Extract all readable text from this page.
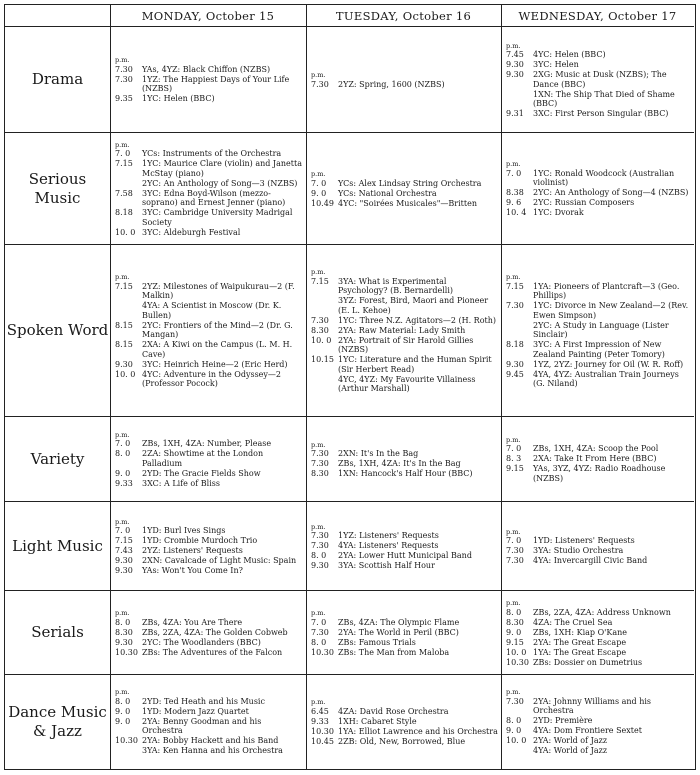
MONDAY, October 15	TUESDAY, October 16	WEDNESDAY, October 17
Drama
p.m.
7.30	YAs, 4YZ: Black Chiffon (NZBS)
7.30	1YZ: The Happiest Days of Your Life (NZBS)
9.35	1YC: Helen (BBC)
p.m.
7.30	2YZ: Spring, 1600 (NZBS)
p.m.
7.45	4YC: Helen (BBC)
9.30	3YC: Helen
9.30	2XG: Music at Dusk (NZBS); The Dance (BBC)
1XN: The Ship That Died of Shame (BBC)
9.31	3XC: First Person Singular (BBC)
Serious Music
p.m.
7. 0	YCs: Instruments of the Orchestra
7.15	1YC: Maurice Clare (violin) and Janetta McStay (piano)
2YC: An Anthology of Song—3 (NZBS)
7.58	3YC: Edna Boyd-Wilson (mezzo-soprano) and Ernest Jenner (piano)
8.18	3YC: Cambridge University Madrigal Society
10. 0 3YC: Aldeburgh Festival
p.m.
7. 0	YCs: Alex Lindsay String Orchestra
9. 0	YCs: National Orchestra
10.49 4YC: "Soirées Musicales"—Britten
p.m.
7. 0	1YC: Ronald Woodcock (Australian violinist)
8.38	2YC: An Anthology of Song—4 (NZBS)
9. 6	2YC: Russian Composers
10. 4 1YC: Dvorak
Spoken Word
p.m.
7.15	2YZ: Milestones of Waipukurau—2 (F. Malkin)
4YA: A Scientist in Moscow (Dr. K. Bullen)
8.15	2YC: Frontiers of the Mind—2 (Dr. G. Mangan)
8.15	2XA: A Kiwi on the Campus (L. M. H. Cave)
9.30	3YC: Heinrich Heine—2 (Eric Herd)
10. 0 4YC: Adventure in the Odyssey—2 (Professor Pocock)
p.m.
7.15	3YA: What is Experimental Psychology? (B. Bernardelli)
3YZ: Forest, Bird, Maori and Pioneer (E. L. Kehoe)
7.30	1YC: Three N.Z. Agitators—2 (H. Roth)
8.30	2YA: Raw Material: Lady Smith
10. 0 2YA: Portrait of Sir Harold Gillies (NZBS)
10.15 1YC: Literature and the Human Spirit (Sir Herbert Read)
4YC, 4YZ: My Favourite Villainess (Arthur Marshall)
p.m.
7.15	1YA: Pioneers of Plantcraft—3 (Geo. Phillips)
7.30	1YC: Divorce in New Zealand—2 (Rev. Ewen Simpson)
2YC: A Study in Language (Lister Sinclair)
8.18	3YC: A First Impression of New Zealand Painting (Peter Tomory)
9.30	1YZ, 2YZ: Journey for Oil (W. R. Roff)
9.45	4YA, 4YZ: Australian Train Journeys (G. Niland)
Variety
p.m.
7. 0	ZBs, 1XH, 4ZA: Number, Please
8. 0	2ZA: Showtime at the London Palladium
9. 0	2YD: The Gracie Fields Show
9.33	3XC: A Life of Bliss
p.m.
7.30	2XN: It's In the Bag
7.30	ZBs, 1XH, 4ZA: It's In the Bag
8.30	1XN: Hancock's Half Hour (BBC)
p.m.
7. 0	ZBs, 1XH, 4ZA: Scoop the Pool
8. 3	2XA: Take It From Here (BBC)
9.15	YAs, 3YZ, 4YZ: Radio Roadhouse (NZBS)
Light Music
p.m.
7. 0	1YD: Burl Ives Sings
7.15	1YD: Crombie Murdoch Trio
7.43	2YZ: Listeners' Requests
9.30	2XN: Cavalcade of Light Music: Spain
9.30	YAs: Won't You Come In?
p.m.
7.30	1YZ: Listeners' Requests
7.30	4YA: Listeners' Requests
8. 0	2YA: Lower Hutt Municipal Band
9.30	3YA: Scottish Half Hour
p.m.
7. 0	1YD: Listeners' Requests
7.30	3YA: Studio Orchestra
7.30	4YA: Invercargill Civic Band
Serials
p.m.
8. 0	ZBs, 4ZA: You Are There
8.30	ZBs, 2ZA, 4ZA: The Golden Cobweb
9.30	2YC: The Woodlanders (BBC)
10.30 ZBs: The Adventures of the Falcon
p.m.
7. 0	ZBs, 4ZA: The Olympic Flame
7.30	2YA: The World in Peril (BBC)
8. 0	ZBs: Famous Trials
10.30 ZBs: The Man from Maloba
p.m.
8. 0	ZBs, 2ZA, 4ZA: Address Unknown
8.30	4ZA: The Cruel Sea
9. 0	ZBs, 1XH: Kiap O'Kane
9.15	2YA: The Great Escape
10. 0 1YA: The Great Escape
10.30 ZBs: Dossier on Dumetrius
Dance Music & Jazz
p.m.
8. 0	2YD: Ted Heath and his Music
9. 0	1YD: Modern Jazz Quartet
9. 0	2YA: Benny Goodman and his Orchestra
10.30 2YA: Bobby Hackett and his Band
3YA: Ken Hanna and his Orchestra
p.m.
6.45	4ZA: David Rose Orchestra
9.33	1XH: Cabaret Style
10.30 1YA: Elliot Lawrence and his Orchestra
10.45 2ZB: Old, New, Borrowed, Blue
p.m.
7.30	2YA: Johnny Williams and his Orchestra
8. 0	2YD: Première
9. 0	4YA: Dom Frontiere Sextet
10. 0 2YA: World of Jazz
4YA: World of Jazz
